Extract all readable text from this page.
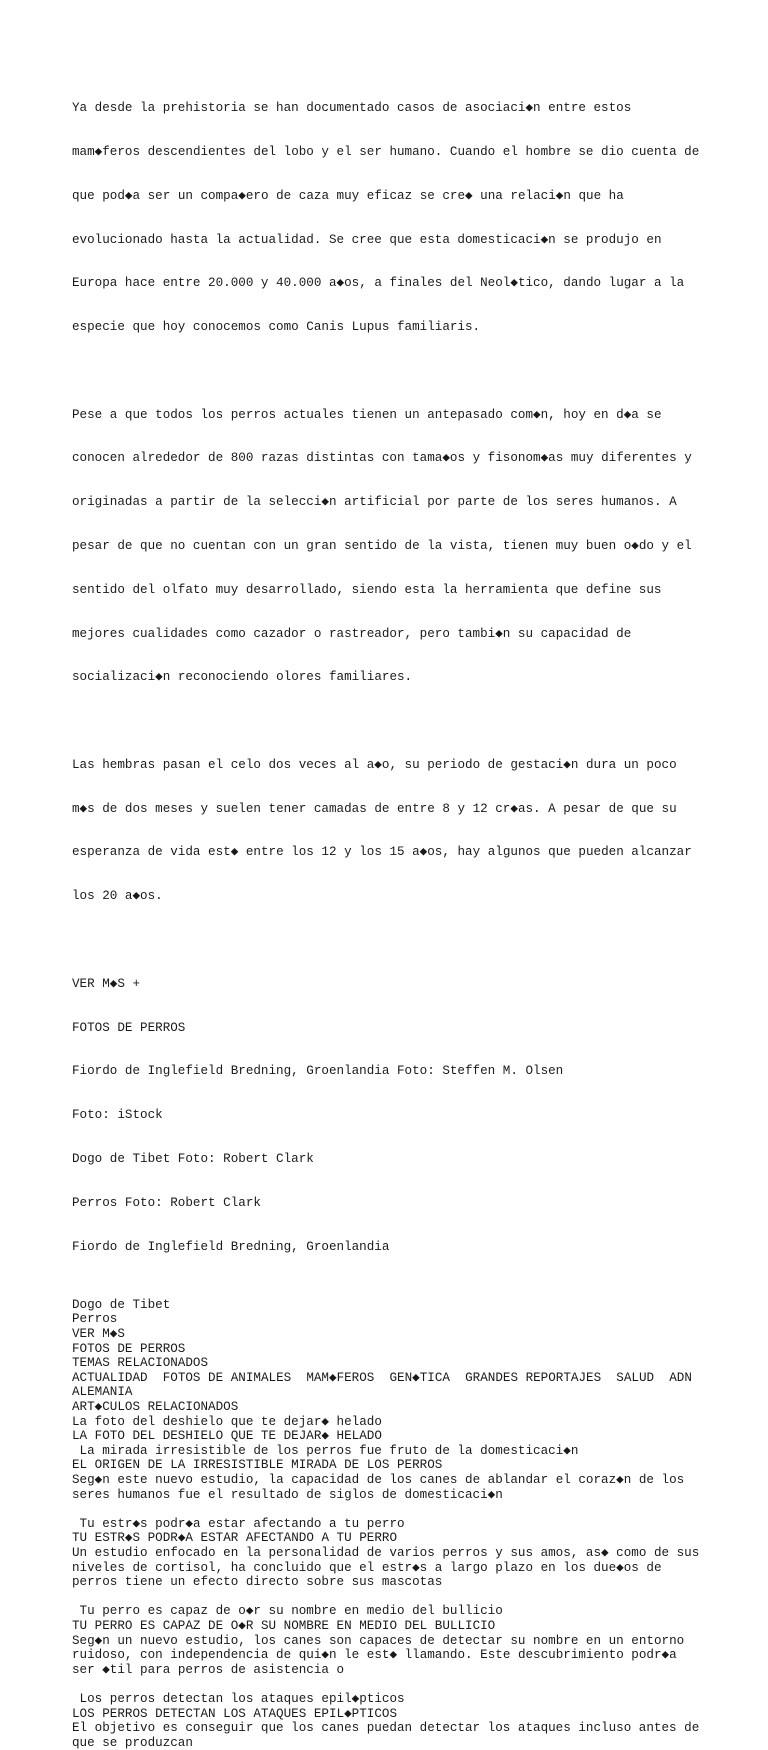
Ya desde la prehistoria se han documentado casos de asociaci◆n entre estos

mam◆feros descendientes del lobo y el ser humano. Cuando el hombre se dio cuenta de

que pod◆a ser un compa◆ero de caza muy eficaz se cre◆ una relaci◆n que ha

evolucionado hasta la actualidad. Se cree que esta domesticaci◆n se produjo en

Europa hace entre 20.000 y 40.000 a◆os, a finales del Neol◆tico, dando lugar a la

especie que hoy conocemos como Canis Lupus familiaris.

Pese a que todos los perros actuales tienen un antepasado com◆n, hoy en d◆a se

conocen alrededor de 800 razas distintas con tama◆os y fisonom◆as muy diferentes y

originadas a partir de la selecci◆n artificial por parte de los seres humanos. A

pesar de que no cuentan con un gran sentido de la vista, tienen muy buen o◆do y el

sentido del olfato muy desarrollado, siendo esta la herramienta que define sus

mejores cualidades como cazador o rastreador, pero tambi◆n su capacidad de

socializaci◆n reconociendo olores familiares.

Las hembras pasan el celo dos veces al a◆o, su periodo de gestaci◆n dura un poco

m◆s de dos meses y suelen tener camadas de entre 8 y 12 cr◆as. A pesar de que su

esperanza de vida est◆ entre los 12 y los 15 a◆os, hay algunos que pueden alcanzar

los 20 a◆os.

VER M◆S +

FOTOS DE PERROS

Fiordo de Inglefield Bredning, Groenlandia Foto: Steffen M. Olsen

Foto: iStock

Dogo de Tibet Foto: Robert Clark

Perros Foto: Robert Clark

Fiordo de Inglefield Bredning, Groenlandia

Dogo de Tibet
Perros
VER M◆S
FOTOS DE PERROS
TEMAS RELACIONADOS
ACTUALIDAD FOTOS DE ANIMALES MAM◆FEROS GEN◆TICA GRANDES REPORTAJES SALUD ADN
ALEMANIA
ART◆CULOS RELACIONADOS
La foto del deshielo que te dejar◆ helado
LA FOTO DEL DESHIELO QUE TE DEJAR◆ HELADO
La mirada irresistible de los perros fue fruto de la domesticaci◆n
EL ORIGEN DE LA IRRESISTIBLE MIRADA DE LOS PERROS
Seg◆n este nuevo estudio, la capacidad de los canes de ablandar el coraz◆n de los
seres humanos fue el resultado de siglos de domesticaci◆n
Tu estr◆s podr◆a estar afectando a tu perro
TU ESTR◆S PODR◆A ESTAR AFECTANDO A TU PERRO
Un estudio enfocado en la personalidad de varios perros y sus amos, as◆ como de sus
niveles de cortisol, ha concluido que el estr◆s a largo plazo en los due◆os de
perros tiene un efecto directo sobre sus mascotas
Tu perro es capaz de o◆r su nombre en medio del bullicio
TU PERRO ES CAPAZ DE O◆R SU NOMBRE EN MEDIO DEL BULLICIO
Seg◆n un nuevo estudio, los canes son capaces de detectar su nombre en un entorno
ruidoso, con independencia de qui◆n le est◆ llamando. Este descubrimiento podr◆a
ser ◆til para perros de asistencia o
Los perros detectan los ataques epil◆pticos
LOS PERROS DETECTAN LOS ATAQUES EPIL◆PTICOS
El objetivo es conseguir que los canes puedan detectar los ataques incluso antes de
que se produzcan
